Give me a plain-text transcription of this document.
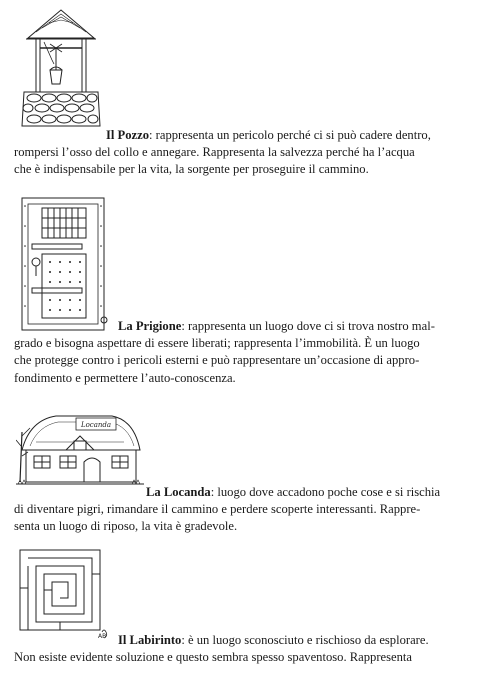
Il Pozzo: rappresenta un pericolo perché ci si può cadere dentro,
rompersi l’osso del collo e annegare. Rappresenta la salvezza perché ha l’acqua
che è indispensabile per la vita, la sorgente per proseguire il cammino.

La Prigione: rappresenta un luogo dove ci si trova nostro mal-
grado e bisogna aspettare di essere liberati; rappresenta l’immobilità. È un luogo
che protegge contro i pericoli esterni e può rappresentare un’occasione di appro-
fondimento e permettere l’auto-conoscenza.

Locanda

La Locanda: luogo dove accadono poche cose e si rischia
di diventare pigri, rimandare il cammino e perdere scoperte interessanti. Rappre-
senta un luogo di riposo, la vita è gradevole.

AB Il Labirinto: è un luogo sconosciuto e rischioso da esplorare.
Non esiste evidente soluzione e questo sembra spesso spaventoso. Rappresenta
